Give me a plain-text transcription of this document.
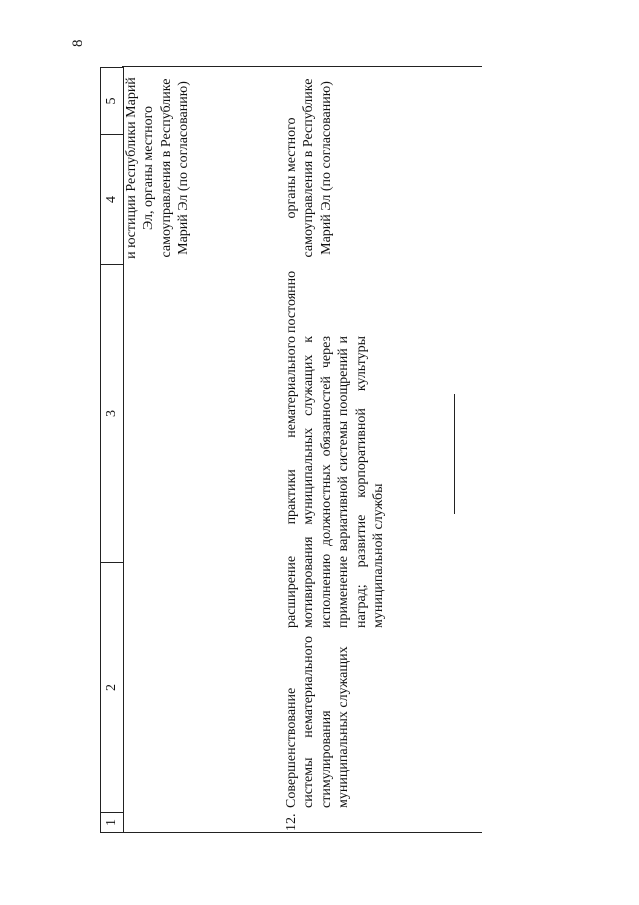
8
1
2
3
4
5 и юстиции Республики Марий Эл, органы местного самоуправления в Республике Марий Эл (по согласованию)
12.
Совершенствование системы нематериального стимулирования муниципальных служащих
расширение практики нематериального мотивирования муниципальных служащих к исполнению должностных обязанностей через применение вариативной системы поощрений и наград; развитие корпоративной культуры муниципальной службы
постоянно
органы местного самоуправления в Республике Марий Эл (по согласованию)
